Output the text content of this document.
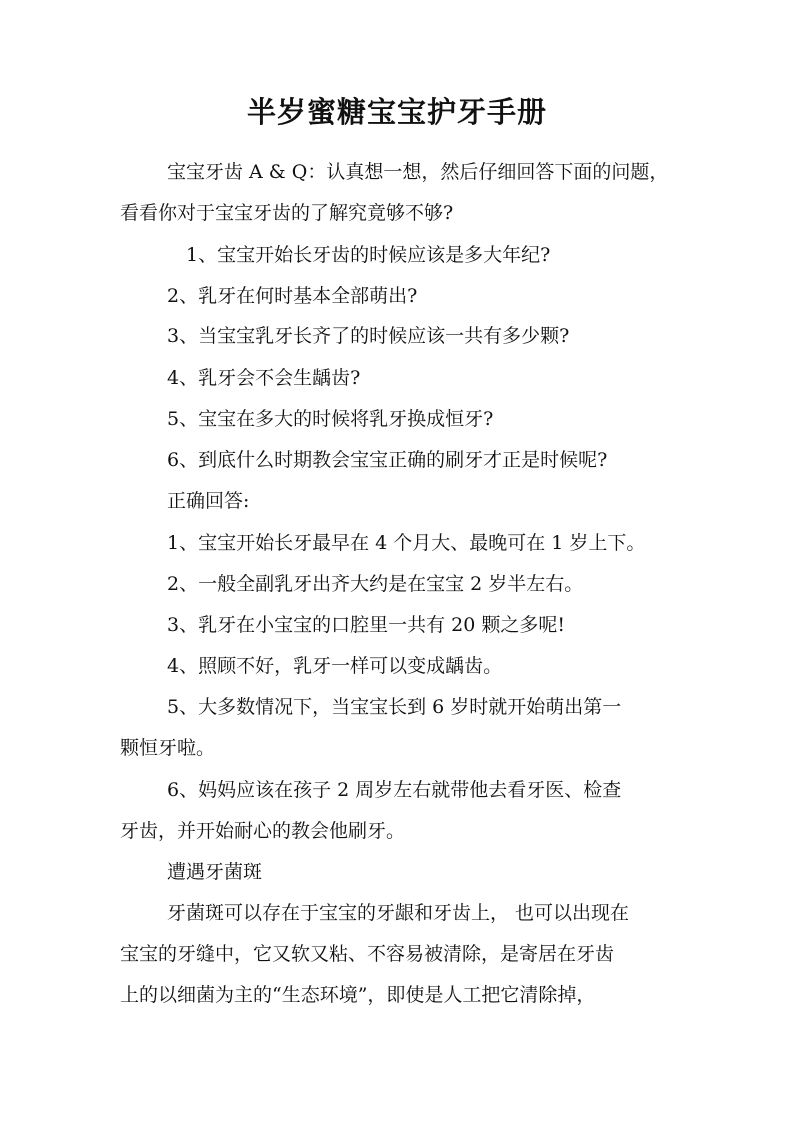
半岁蜜糖宝宝护牙手册
宝宝牙齿 A & Q：认真想一想，然后仔细回答下面的问题，
看看你对于宝宝牙齿的了解究竟够不够?
1、宝宝开始长牙齿的时候应该是多大年纪?
2、乳牙在何时基本全部萌出?
3、当宝宝乳牙长齐了的时候应该一共有多少颗?
4、乳牙会不会生龋齿?
5、宝宝在多大的时候将乳牙换成恒牙?
6、到底什么时期教会宝宝正确的刷牙才正是时候呢?
正确回答:
1、宝宝开始长牙最早在 4 个月大、最晚可在 1 岁上下。
2、一般全副乳牙出齐大约是在宝宝 2 岁半左右。
3、乳牙在小宝宝的口腔里一共有 20 颗之多呢!
4、照顾不好，乳牙一样可以变成龋齿。
5、大多数情况下，当宝宝长到 6 岁时就开始萌出第一
颗恒牙啦。
6、妈妈应该在孩子 2 周岁左右就带他去看牙医、检查
牙齿，并开始耐心的教会他刷牙。
遭遇牙菌斑
牙菌斑可以存在于宝宝的牙龈和牙齿上， 也可以出现在
宝宝的牙缝中，它又软又粘、不容易被清除，是寄居在牙齿
上的以细菌为主的“生态环境”，即使是人工把它清除掉，
